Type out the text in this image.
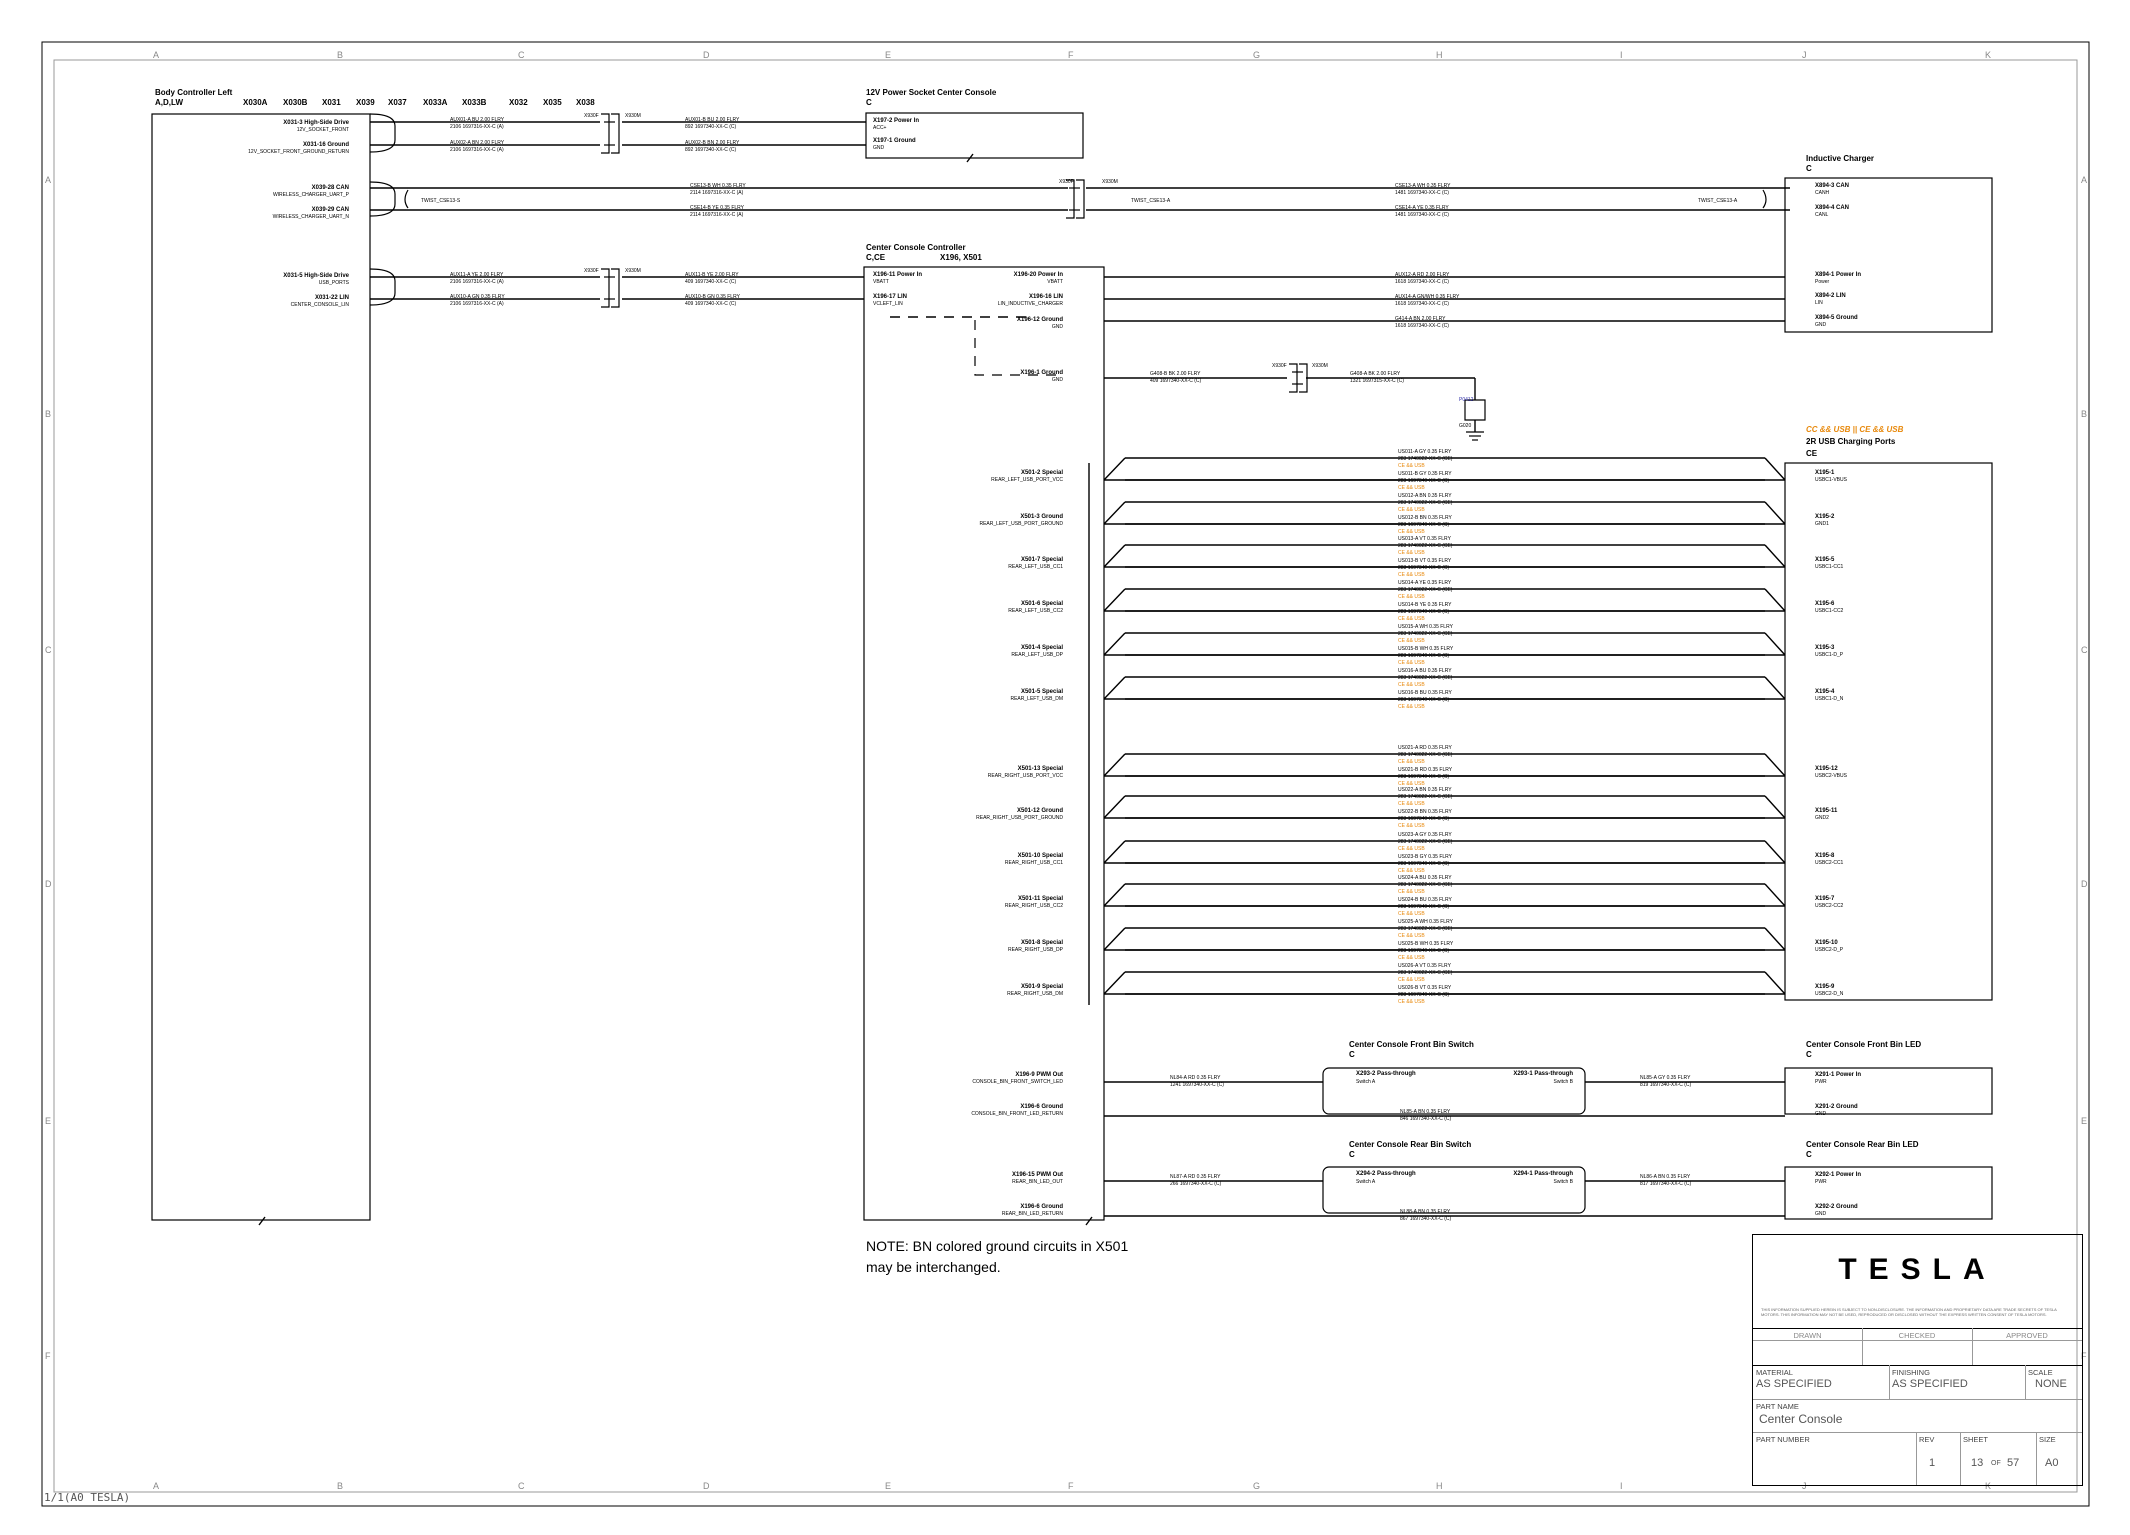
A
A
B
B
C
C
D
D
E
E
F
F
G
G
H
H
I
I
J
J
K
K
A	A
B	B
C	C
D	D
E	E
F	F
Body Controller Left
A,D,LW	X030A X030B X031 X039 X037 X033A X033B	X032 X035 X038
X031-3 High-Side Drive
12V_SOCKET_FRONT
X031-16 Ground
12V_SOCKET_FRONT_GROUND_RETURN
X039-28 CAN
WIRELESS_CHARGER_UART_P
X039-29 CAN
WIRELESS_CHARGER_UART_N
X031-5 High-Side Drive
USB_PORTS
X031-22 LIN
CENTER_CONSOLE_LIN
12V Power Socket Center Console
C
X197-2 Power In
ACC+
X197-1 Ground
GND
AUX01-A BU 2.00 FLRY
2106 1697316-XX-C (A)
AUX01-B BU 2.00 FLRY
892 1697340-XX-C (C)
AUX02-A BN 2.00 FLRY
2106 1697316-XX-C (A)
AUX02-B BN 2.00 FLRY
892 1697340-XX-C (C)
X930F	X930M
X930F	X930M
CSE13-B WH 0.35 FLRY
2114 1697316-XX-C (A)
CSE14-B YE 0.35 FLRY
2114 1697316-XX-C (A)
CSE13-A WH 0.35 FLRY
1481 1697340-XX-C (C)
CSE14-A YE 0.35 FLRY
1481 1697340-XX-C (C)
TWIST_CSE13-S	TWIST_CSE13-A	TWIST_CSE13-A
Inductive Charger
C
X894-3 CAN
CANH
X894-4 CAN
CANL
X894-1 Power In
Power
X894-2 LIN
LIN
X894-5 Ground
GND
Center Console Controller
C,CE	X196, X501
X196-11 Power In
VBATT
X196-17 LIN
VCLEFT_LIN
X196-20 Power In
VBATT
X196-16 LIN
LIN_INDUCTIVE_CHARGER
X196-12 Ground
GND
X196-1 Ground
GND
AUX11-A YE 2.00 FLRY
2106 1697316-XX-C (A)
AUX11-B YE 2.00 FLRY
409 1697340-XX-C (C)
AUX10-A GN 0.35 FLRY
2106 1697316-XX-C (A)
AUX10-B GN 0.35 FLRY
409 1697340-XX-C (C)
X930F	X930M
AUX12-A RD 2.00 FLRY
1618 1697340-XX-C (C)
AUX14-A GN/WH 0.35 FLRY
1618 1697340-XX-C (C)
G414-A BN 2.00 FLRY
1618 1697340-XX-C (C)
X930F	X930M
G408-B BK 2.00 FLRY
409 1697340-XX-C (C)
G408-A BK 2.00 FLRY
1321 1697315-XX-C (C)
P0412
G020	CC && USB || CE && USB
2R USB Charging Ports
CE
X501-2 Special
REAR_LEFT_USB_PORT_VCC
X501-3 Ground
REAR_LEFT_USB_PORT_GROUND
X501-7 Special
REAR_LEFT_USB_CC1
X501-6 Special
REAR_LEFT_USB_CC2
X501-4 Special
REAR_LEFT_USB_DP
X501-5 Special
REAR_LEFT_USB_DM
X501-13 Special
REAR_RIGHT_USB_PORT_VCC
X501-12 Ground
REAR_RIGHT_USB_PORT_GROUND
X501-10 Special
REAR_RIGHT_USB_CC1
X501-11 Special
REAR_RIGHT_USB_CC2
X501-8 Special
REAR_RIGHT_USB_DP
X501-9 Special
REAR_RIGHT_USB_DM
X195-1
USBC1-VBUS
X195-2
GND1
X195-5
USBC1-CC1
X195-6
USBC1-CC2
X195-3
USBC1-D_P
X195-4
USBC1-D_N
X195-12
USBC2-VBUS
X195-11
GND2
X195-8
USBC2-CC1
X195-7
USBC2-CC2
X195-10
USBC2-D_P
X195-9
USBC2-D_N
US011-A GY 0.35 FLRY
283 1740022-XX-C (CE)
CE && USB
US011-B GY 0.35 FLRY
283 1697340-XX-C (C)
CE && USB
US012-A BN 0.35 FLRY
283 1740022-XX-C (CE)
CE && USB
US012-B BN 0.35 FLRY
283 1697340-XX-C (C)
CE && USB
US013-A VT 0.35 FLRY
283 1740022-XX-C (CE)
CE && USB
US013-B VT 0.35 FLRY
283 1697340-XX-C (C)
CE && USB
US014-A YE 0.35 FLRY
283 1740022-XX-C (CE)
CE && USB
US014-B YE 0.35 FLRY
283 1697340-XX-C (C)
CE && USB
US015-A WH 0.35 FLRY
283 1740022-XX-C (CE)
CE && USB
US015-B WH 0.35 FLRY
283 1697340-XX-C (C)
CE && USB
US016-A BU 0.35 FLRY
283 1740022-XX-C (CE)
CE && USB
US016-B BU 0.35 FLRY
283 1697340-XX-C (C)
CE && USB
US021-A RD 0.35 FLRY
283 1740022-XX-C (CE)
CE && USB
US021-B RD 0.35 FLRY
283 1697340-XX-C (C)
CE && USB
US022-A BN 0.35 FLRY
283 1740022-XX-C (CE)
CE && USB
US022-B BN 0.35 FLRY
283 1697340-XX-C (C)
CE && USB
US023-A GY 0.35 FLRY
283 1740022-XX-C (CE)
CE && USB
US023-B GY 0.35 FLRY
283 1697340-XX-C (C)
CE && USB
US024-A BU 0.35 FLRY
283 1740022-XX-C (CE)
CE && USB
US024-B BU 0.35 FLRY
283 1697340-XX-C (C)
CE && USB
US025-A WH 0.35 FLRY
283 1740022-XX-C (CE)
CE && USB
US025-B WH 0.35 FLRY
283 1697340-XX-C (C)
CE && USB
US026-A VT 0.35 FLRY
283 1740022-XX-C (CE)
CE && USB
US026-B VT 0.35 FLRY
283 1697340-XX-C (C)
CE && USB
Center Console Front Bin Switch
C
X293-2 Pass-through
Switch A
X293-1 Pass-through
Switch B
Center Console Front Bin LED
C
X291-1 Power In
PWR
X291-2 Ground
GND
X196-9 PWM Out
CONSOLE_BIN_FRONT_SWITCH_LED
X196-6 Ground
CONSOLE_BIN_FRONT_LED_RETURN
NL84-A RD 0.35 FLRY
1241 1697340-XX-C (C)
NL85-A BN 0.35 FLRY
846 1697340-XX-C (C)
NL85-A GY 0.35 FLRY
819 1697340-XX-C (C)
Center Console Rear Bin Switch
C
X294-2 Pass-through
Switch A
X294-1 Pass-through
Switch B
Center Console Rear Bin LED
C
X292-1 Power In
PWR
X292-2 Ground
GND
X196-15 PWM Out
REAR_BIN_LED_OUT
X196-6 Ground
REAR_BIN_LED_RETURN
NL87-A RD 0.35 FLRY
266 1697340-XX-C (C)
NL88-A BN 0.35 FLRY
867 1697340-XX-C (C)
NL86-A BN 0.35 FLRY
817 1697340-XX-C (C)
1/1(A0 TESLA)
NOTE: BN colored ground circuits in X501 may be interchanged.	TESLA
THIS INFORMATION SUPPLIED HEREIN IS SUBJECT TO NON-DISCLOSURE. THE INFORMATION AND PROPRIETARY DATA ARE TRADE SECRETS OF TESLA MOTORS. THIS INFORMATION MAY NOT BE USED, REPRODUCED OR DISCLOSED WITHOUT THE EXPRESS WRITTEN CONSENT OF TESLA MOTORS.
DRAWN	CHECKED	APPROVED
MATERIAL
AS SPECIFIED
FINISHING
AS SPECIFIED
SCALE
NONE
PART NAME
Center Console
PART NUMBER	REV
1
SHEET
13 OF 57
SIZE
A0
